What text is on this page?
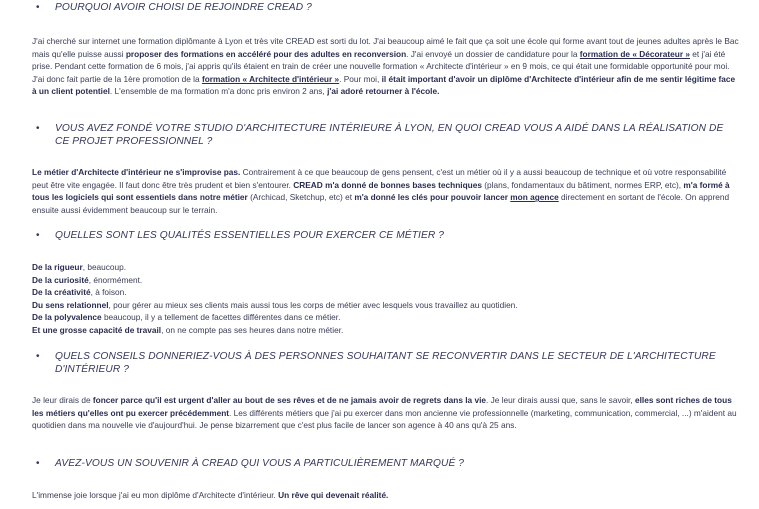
•	POURQUOI AVOIR CHOISI DE REJOINDRE CREAD ?
J'ai cherché sur internet une formation diplômante à Lyon et très vite CREAD est sorti du lot. J'ai beaucoup aimé le fait que ça soit une école qui forme avant tout de jeunes adultes après le Bac mais qu'elle puisse aussi proposer des formations en accéléré pour des adultes en reconversion. J'ai envoyé un dossier de candidature pour la formation de « Décorateur » et j'ai été prise. Pendant cette formation de 6 mois, j'ai appris qu'ils étaient en train de créer une nouvelle formation « Architecte d'intérieur » en 9 mois, ce qui était une formidable opportunité pour moi. J'ai donc fait partie de la 1ère promotion de la formation « Architecte d'intérieur ». Pour moi, il était important d'avoir un diplôme d'Architecte d'intérieur afin de me sentir légitime face à un client potentiel. L'ensemble de ma formation m'a donc pris environ 2 ans, j'ai adoré retourner à l'école.
•	VOUS AVEZ FONDÉ VOTRE STUDIO D'ARCHITECTURE INTÉRIEURE À LYON, EN QUOI CREAD VOUS A AIDÉ DANS LA RÉALISATION DE CE PROJET PROFESSIONNEL ?
Le métier d'Architecte d'intérieur ne s'improvise pas. Contrairement à ce que beaucoup de gens pensent, c'est un métier où il y a aussi beaucoup de technique et où votre responsabilité peut être vite engagée. Il faut donc être très prudent et bien s'entourer. CREAD m'a donné de bonnes bases techniques (plans, fondamentaux du bâtiment, normes ERP, etc), m'a formé à tous les logiciels qui sont essentiels dans notre métier (Archicad, Sketchup, etc) et m'a donné les clés pour pouvoir lancer mon agence directement en sortant de l'école. On apprend ensuite aussi évidemment beaucoup sur le terrain.
•	QUELLES SONT LES QUALITÉS ESSENTIELLES POUR EXERCER CE MÉTIER ?
De la rigueur, beaucoup.
De la curiosité, énormément.
De la créativité, à foison.
Du sens relationnel, pour gérer au mieux ses clients mais aussi tous les corps de métier avec lesquels vous travaillez au quotidien.
De la polyvalence beaucoup, il y a tellement de facettes différentes dans ce métier.
Et une grosse capacité de travail, on ne compte pas ses heures dans notre métier.
•	QUELS CONSEILS DONNERIEZ-VOUS À DES PERSONNES SOUHAITANT SE RECONVERTIR DANS LE SECTEUR DE L'ARCHITECTURE D'INTÉRIEUR ?
Je leur dirais de foncer parce qu'il est urgent d'aller au bout de ses rêves et de ne jamais avoir de regrets dans la vie. Je leur dirais aussi que, sans le savoir, elles sont riches de tous les métiers qu'elles ont pu exercer précédemment. Les différents métiers que j'ai pu exercer dans mon ancienne vie professionnelle (marketing, communication, commercial, ...) m'aident au quotidien dans ma nouvelle vie d'aujourd'hui. Je pense bizarrement que c'est plus facile de lancer son agence à 40 ans qu'à 25 ans.
•	AVEZ-VOUS UN SOUVENIR À CREAD QUI VOUS A PARTICULIÈREMENT MARQUÉ ?
L'immense joie lorsque j'ai eu mon diplôme d'Architecte d'intérieur. Un rêve qui devenait réalité.
